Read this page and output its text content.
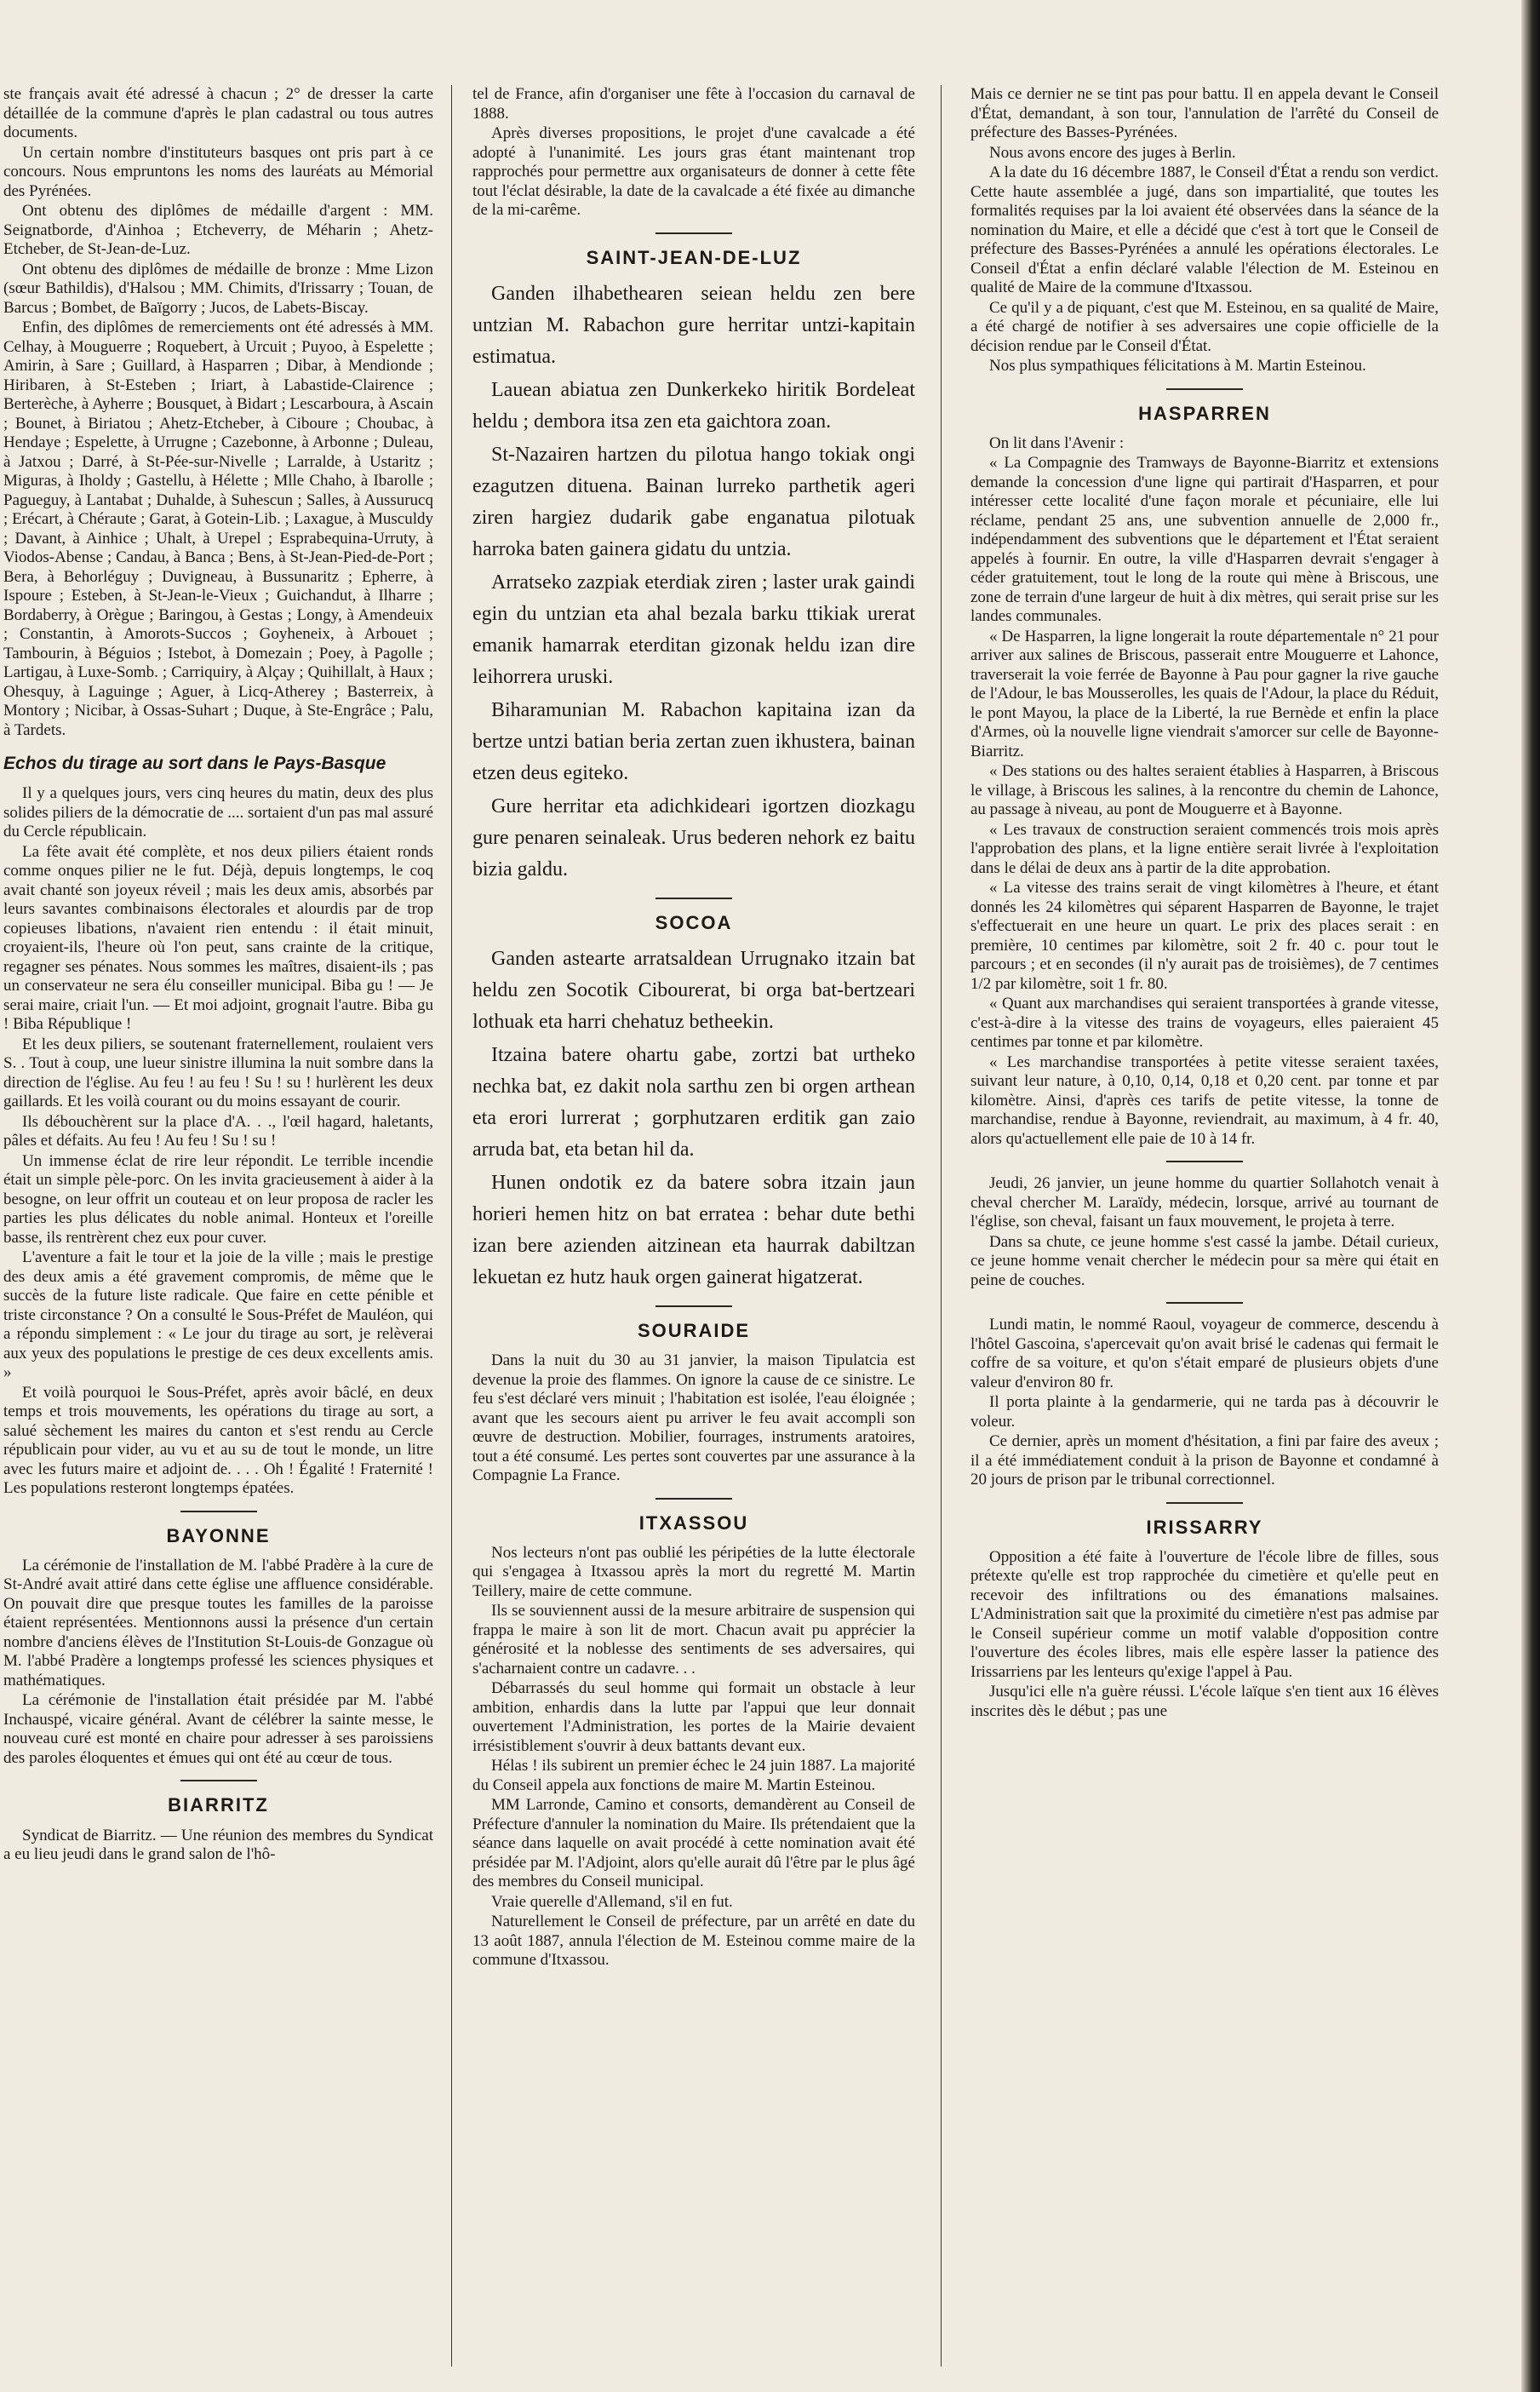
ste français avait été adressé à chacun ; 2° de dresser la carte détaillée de la commune d'après le plan cadastral ou tous autres documents.

Un certain nombre d'instituteurs basques ont pris part à ce concours. Nous empruntons les noms des lauréats au Mémorial des Pyrénées.

Ont obtenu des diplômes de médaille d'argent : MM. Seignatborde, d'Ainhoa ; Etcheverry, de Méharin ; Ahetz-Etcheber, de St-Jean-de-Luz.

Ont obtenu des diplômes de médaille de bronze : Mme Lizon (sœur Bathildis), d'Halsou ; MM. Chimits, d'Irissarry ; Touan, de Barcus ; Bombet, de Baïgorry ; Jucos, de Labets-Biscay.

Enfin, des diplômes de remerciements ont été adressés à MM. Celhay, à Mouguerre ; Roquebert, à Urcuit ; Puyoo, à Espelette ; Amirin, à Sare ; Guillard, à Hasparren ; Dibar, à Mendionde ; Hiribaren, à St-Esteben ; Iriart, à Labastide-Clairence ; Berterèche, à Ayherre ; Bousquet, à Bidart ; Lescarboura, à Ascain ; Bounet, à Biriatou ; Ahetz-Etcheber, à Ciboure ; Choubac, à Hendaye ; Espelette, à Urrugne ; Cazebonne, à Arbonne ; Duleau, à Jatxou ; Darré, à St-Pée-sur-Nivelle ; Larralde, à Ustaritz ; Miguras, à Iholdy ; Gastellu, à Hélette ; Mlle Chaho, à Ibarolle ; Pagueguy, à Lantabat ; Duhalde, à Suhescun ; Salles, à Aussurucq ; Erécart, à Chéraute ; Garat, à Gotein-Lib. ; Laxague, à Musculdy ; Davant, à Ainhice ; Uhalt, à Urepel ; Esprabequina-Urruty, à Viodos-Abense ; Candau, à Banca ; Bens, à St-Jean-Pied-de-Port ; Bera, à Behorléguy ; Duvigneau, à Bussunaritz ; Epherre, à Ispoure ; Esteben, à St-Jean-le-Vieux ; Guichandut, à Ilharre ; Bordaberry, à Orègue ; Baringou, à Gestas ; Longy, à Amendeuix ; Constantin, à Amorots-Succos ; Goyheneix, à Arbouet ; Tambourin, à Béguios ; Istebot, à Domezain ; Poey, à Pagolle ; Lartigau, à Luxe-Somb. ; Carriquiry, à Alçay ; Quihillalt, à Haux ; Ohesquy, à Laguinge ; Aguer, à Licq-Atherey ; Basterreix, à Montory ; Nicibar, à Ossas-Suhart ; Duque, à Ste-Engrâce ; Palu, à Tardets.

Echos du tirage au sort dans le Pays-Basque

Il y a quelques jours, vers cinq heures du matin, deux des plus solides piliers de la démocratie de .... sortaient d'un pas mal assuré du Cercle républicain.

La fête avait été complète, et nos deux piliers étaient ronds comme onques pilier ne le fut. Déjà, depuis longtemps, le coq avait chanté son joyeux réveil ; mais les deux amis, absorbés par leurs savantes combinaisons électorales et alourdis par de trop copieuses libations, n'avaient rien entendu : il était minuit, croyaient-ils, l'heure où l'on peut, sans crainte de la critique, regagner ses pénates. Nous sommes les maîtres, disaient-ils ; pas un conservateur ne sera élu conseiller municipal. Biba gu ! — Je serai maire, criait l'un. — Et moi adjoint, grognait l'autre. Biba gu ! Biba République !

Et les deux piliers, se soutenant fraternellement, roulaient vers S. . Tout à coup, une lueur sinistre illumina la nuit sombre dans la direction de l'église. Au feu ! au feu ! Su ! su ! hurlèrent les deux gaillards. Et les voilà courant ou du moins essayant de courir.

Ils débouchèrent sur la place d'A. . ., l'œil hagard, haletants, pâles et défaits. Au feu ! Au feu ! Su ! su !

Un immense éclat de rire leur répondit. Le terrible incendie était un simple pèle-porc. On les invita gracieusement à aider à la besogne, on leur offrit un couteau et on leur proposa de racler les parties les plus délicates du noble animal. Honteux et l'oreille basse, ils rentrèrent chez eux pour cuver.

L'aventure a fait le tour et la joie de la ville ; mais le prestige des deux amis a été gravement compromis, de même que le succès de la future liste radicale. Que faire en cette pénible et triste circonstance ? On a consulté le Sous-Préfet de Mauléon, qui a répondu simplement : « Le jour du tirage au sort, je relèverai aux yeux des populations le prestige de ces deux excellents amis. »

Et voilà pourquoi le Sous-Préfet, après avoir bâclé, en deux temps et trois mouvements, les opérations du tirage au sort, a salué sèchement les maires du canton et s'est rendu au Cercle républicain pour vider, au vu et au su de tout le monde, un litre avec les futurs maire et adjoint de. . . . Oh ! Égalité ! Fraternité ! Les populations resteront longtemps épatées.

BAYONNE

La cérémonie de l'installation de M. l'abbé Pradère à la cure de St-André avait attiré dans cette église une affluence considérable. On pouvait dire que presque toutes les familles de la paroisse étaient représentées. Mentionnons aussi la présence d'un certain nombre d'anciens élèves de l'Institution St-Louis-de Gonzague où M. l'abbé Pradère a longtemps professé les sciences physiques et mathématiques.

La cérémonie de l'installation était présidée par M. l'abbé Inchauspé, vicaire général. Avant de célébrer la sainte messe, le nouveau curé est monté en chaire pour adresser à ses paroissiens des paroles éloquentes et émues qui ont été au cœur de tous.

BIARRITZ

Syndicat de Biarritz. — Une réunion des membres du Syndicat a eu lieu jeudi dans le grand salon de l'hô-

tel de France, afin d'organiser une fête à l'occasion du carnaval de 1888.

Après diverses propositions, le projet d'une cavalcade a été adopté à l'unanimité. Les jours gras étant maintenant trop rapprochés pour permettre aux organisateurs de donner à cette fête tout l'éclat désirable, la date de la cavalcade a été fixée au dimanche de la mi-carême.

SAINT-JEAN-DE-LUZ

Ganden ilhabethearen seiean heldu zen bere untzian M. Rabachon gure herritar untzi-kapitain estimatua.

Lauean abiatua zen Dunkerkeko hiritik Bordeleat heldu ; dembora itsa zen eta gaichtora zoan.

St-Nazairen hartzen du pilotua hango tokiak ongi ezagutzen dituena. Bainan lurreko parthetik ageri ziren hargiez dudarik gabe enganatua pilotuak harroka baten gainera gidatu du untzia.

Arratseko zazpiak eterdiak ziren ; laster urak gaindi egin du untzian eta ahal bezala barku ttikiak urerat emanik hamarrak eterditan gizonak heldu izan dire leihorrera uruski.

Biharamunian M. Rabachon kapitaina izan da bertze untzi batian beria zertan zuen ikhustera, bainan etzen deus egiteko.

Gure herritar eta adichkideari igortzen diozkagu gure penaren seinaleak. Urus bederen nehork ez baitu bizia galdu.

SOCOA

Ganden astearte arratsaldean Urrugnako itzain bat heldu zen Socotik Cibourerat, bi orga bat-bertzeari lothuak eta harri chehatuz betheekin.

Itzaina batere ohartu gabe, zortzi bat urtheko nechka bat, ez dakit nola sarthu zen bi orgen arthean eta erori lurrerat ; gorphutzaren erditik gan zaio arruda bat, eta betan hil da.

Hunen ondotik ez da batere sobra itzain jaun horieri hemen hitz on bat erratea : behar dute bethi izan bere azienden aitzinean eta haurrak dabiltzan lekuetan ez hutz hauk orgen gainerat higatzerat.

SOURAIDE

Dans la nuit du 30 au 31 janvier, la maison Tipulatcia est devenue la proie des flammes. On ignore la cause de ce sinistre. Le feu s'est déclaré vers minuit ; l'habitation est isolée, l'eau éloignée ; avant que les secours aient pu arriver le feu avait accompli son œuvre de destruction. Mobilier, fourrages, instruments aratoires, tout a été consumé. Les pertes sont couvertes par une assurance à la Compagnie La France.

ITXASSOU

Nos lecteurs n'ont pas oublié les péripéties de la lutte électorale qui s'engagea à Itxassou après la mort du regretté M. Martin Teillery, maire de cette commune.

Ils se souviennent aussi de la mesure arbitraire de suspension qui frappa le maire à son lit de mort. Chacun avait pu apprécier la générosité et la noblesse des sentiments de ses adversaires, qui s'acharnaient contre un cadavre. . .

Débarrassés du seul homme qui formait un obstacle à leur ambition, enhardis dans la lutte par l'appui que leur donnait ouvertement l'Administration, les portes de la Mairie devaient irrésistiblement s'ouvrir à deux battants devant eux.

Hélas ! ils subirent un premier échec le 24 juin 1887. La majorité du Conseil appela aux fonctions de maire M. Martin Esteinou.

MM Larronde, Camino et consorts, demandèrent au Conseil de Préfecture d'annuler la nomination du Maire. Ils prétendaient que la séance dans laquelle on avait procédé à cette nomination avait été présidée par M. l'Adjoint, alors qu'elle aurait dû l'être par le plus âgé des membres du Conseil municipal.

Vraie querelle d'Allemand, s'il en fut.

Naturellement le Conseil de préfecture, par un arrêté en date du 13 août 1887, annula l'élection de M. Esteinou comme maire de la commune d'Itxassou.

Mais ce dernier ne se tint pas pour battu. Il en appela devant le Conseil d'État, demandant, à son tour, l'annulation de l'arrêté du Conseil de préfecture des Basses-Pyrénées.

Nous avons encore des juges à Berlin.

A la date du 16 décembre 1887, le Conseil d'État a rendu son verdict. Cette haute assemblée a jugé, dans son impartialité, que toutes les formalités requises par la loi avaient été observées dans la séance de la nomination du Maire, et elle a décidé que c'est à tort que le Conseil de préfecture des Basses-Pyrénées a annulé les opérations électorales. Le Conseil d'État a enfin déclaré valable l'élection de M. Esteinou en qualité de Maire de la commune d'Itxassou.

Ce qu'il y a de piquant, c'est que M. Esteinou, en sa qualité de Maire, a été chargé de notifier à ses adversaires une copie officielle de la décision rendue par le Conseil d'État.

Nos plus sympathiques félicitations à M. Martin Esteinou.

HASPARREN

On lit dans l'Avenir :

« La Compagnie des Tramways de Bayonne-Biarritz et extensions demande la concession d'une ligne qui partirait d'Hasparren, et pour intéresser cette localité d'une façon morale et pécuniaire, elle lui réclame, pendant 25 ans, une subvention annuelle de 2,000 fr., indépendamment des subventions que le département et l'État seraient appelés à fournir. En outre, la ville d'Hasparren devrait s'engager à céder gratuitement, tout le long de la route qui mène à Briscous, une zone de terrain d'une largeur de huit à dix mètres, qui serait prise sur les landes communales.

« De Hasparren, la ligne longerait la route départementale n° 21 pour arriver aux salines de Briscous, passerait entre Mouguerre et Lahonce, traverserait la voie ferrée de Bayonne à Pau pour gagner la rive gauche de l'Adour, le bas Mousserolles, les quais de l'Adour, la place du Réduit, le pont Mayou, la place de la Liberté, la rue Bernède et enfin la place d'Armes, où la nouvelle ligne viendrait s'amorcer sur celle de Bayonne-Biarritz.

« Des stations ou des haltes seraient établies à Hasparren, à Briscous le village, à Briscous les salines, à la rencontre du chemin de Lahonce, au passage à niveau, au pont de Mouguerre et à Bayonne.

« Les travaux de construction seraient commencés trois mois après l'approbation des plans, et la ligne entière serait livrée à l'exploitation dans le délai de deux ans à partir de la dite approbation.

« La vitesse des trains serait de vingt kilomètres à l'heure, et étant donnés les 24 kilomètres qui séparent Hasparren de Bayonne, le trajet s'effectuerait en une heure un quart. Le prix des places serait : en première, 10 centimes par kilomètre, soit 2 fr. 40 c. pour tout le parcours ; et en secondes (il n'y aurait pas de troisièmes), de 7 centimes 1/2 par kilomètre, soit 1 fr. 80.

« Quant aux marchandises qui seraient transportées à grande vitesse, c'est-à-dire à la vitesse des trains de voyageurs, elles paieraient 45 centimes par tonne et par kilomètre.

« Les marchandise transportées à petite vitesse seraient taxées, suivant leur nature, à 0,10, 0,14, 0,18 et 0,20 cent. par tonne et par kilomètre. Ainsi, d'après ces tarifs de petite vitesse, la tonne de marchandise, rendue à Bayonne, reviendrait, au maximum, à 4 fr. 40, alors qu'actuellement elle paie de 10 à 14 fr.

Jeudi, 26 janvier, un jeune homme du quartier Sollahotch venait à cheval chercher M. Laraïdy, médecin, lorsque, arrivé au tournant de l'église, son cheval, faisant un faux mouvement, le projeta à terre.

Dans sa chute, ce jeune homme s'est cassé la jambe. Détail curieux, ce jeune homme venait chercher le médecin pour sa mère qui était en peine de couches.

Lundi matin, le nommé Raoul, voyageur de commerce, descendu à l'hôtel Gascoina, s'apercevait qu'on avait brisé le cadenas qui fermait le coffre de sa voiture, et qu'on s'était emparé de plusieurs objets d'une valeur d'environ 80 fr.

Il porta plainte à la gendarmerie, qui ne tarda pas à découvrir le voleur.

Ce dernier, après un moment d'hésitation, a fini par faire des aveux ; il a été immédiatement conduit à la prison de Bayonne et condamné à 20 jours de prison par le tribunal correctionnel.

IRISSARRY

Opposition a été faite à l'ouverture de l'école libre de filles, sous prétexte qu'elle est trop rapprochée du cimetière et qu'elle peut en recevoir des infiltrations ou des émanations malsaines. L'Administration sait que la proximité du cimetière n'est pas admise par le Conseil supérieur comme un motif valable d'opposition contre l'ouverture des écoles libres, mais elle espère lasser la patience des Irissarriens par les lenteurs qu'exige l'appel à Pau.

Jusqu'ici elle n'a guère réussi. L'école laïque s'en tient aux 16 élèves inscrites dès le début ; pas une
